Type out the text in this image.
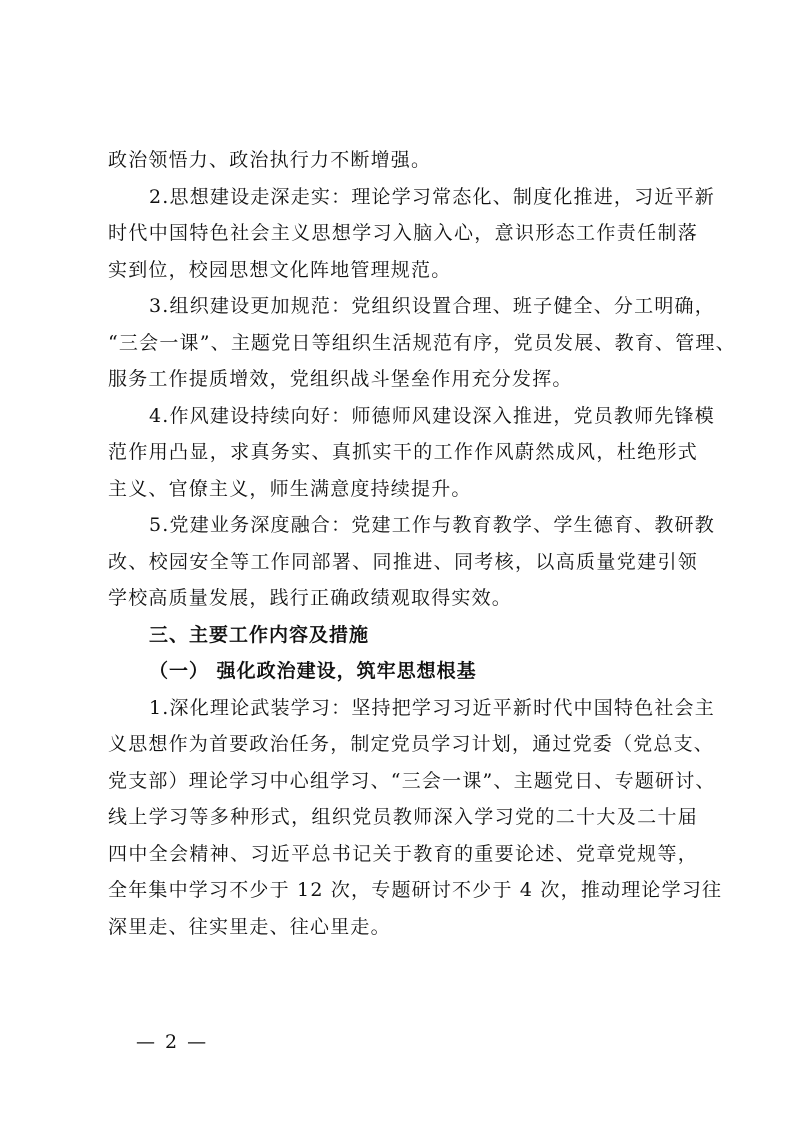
政治领悟力、政治执行力不断增强。
2.思想建设走深走实：理论学习常态化、制度化推进，习近平新
时代中国特色社会主义思想学习入脑入心，意识形态工作责任制落
实到位，校园思想文化阵地管理规范。
3.组织建设更加规范：党组织设置合理、班子健全、分工明确，
“三会一课”、主题党日等组织生活规范有序，党员发展、教育、管理、
服务工作提质增效，党组织战斗堡垒作用充分发挥。
4.作风建设持续向好：师德师风建设深入推进，党员教师先锋模
范作用凸显，求真务实、真抓实干的工作作风蔚然成风，杜绝形式
主义、官僚主义，师生满意度持续提升。
5.党建业务深度融合：党建工作与教育教学、学生德育、教研教
改、校园安全等工作同部署、同推进、同考核，以高质量党建引领
学校高质量发展，践行正确政绩观取得实效。
三、主要工作内容及措施
（一） 强化政治建设，筑牢思想根基
1.深化理论武装学习：坚持把学习习近平新时代中国特色社会主
义思想作为首要政治任务，制定党员学习计划，通过党委（党总支、
党支部）理论学习中心组学习、“三会一课”、主题党日、专题研讨、
线上学习等多种形式，组织党员教师深入学习党的二十大及二十届
四中全会精神、习近平总书记关于教育的重要论述、党章党规等，
全年集中学习不少于 12 次，专题研讨不少于 4 次，推动理论学习往
深里走、往实里走、往心里走。
— 2 —
